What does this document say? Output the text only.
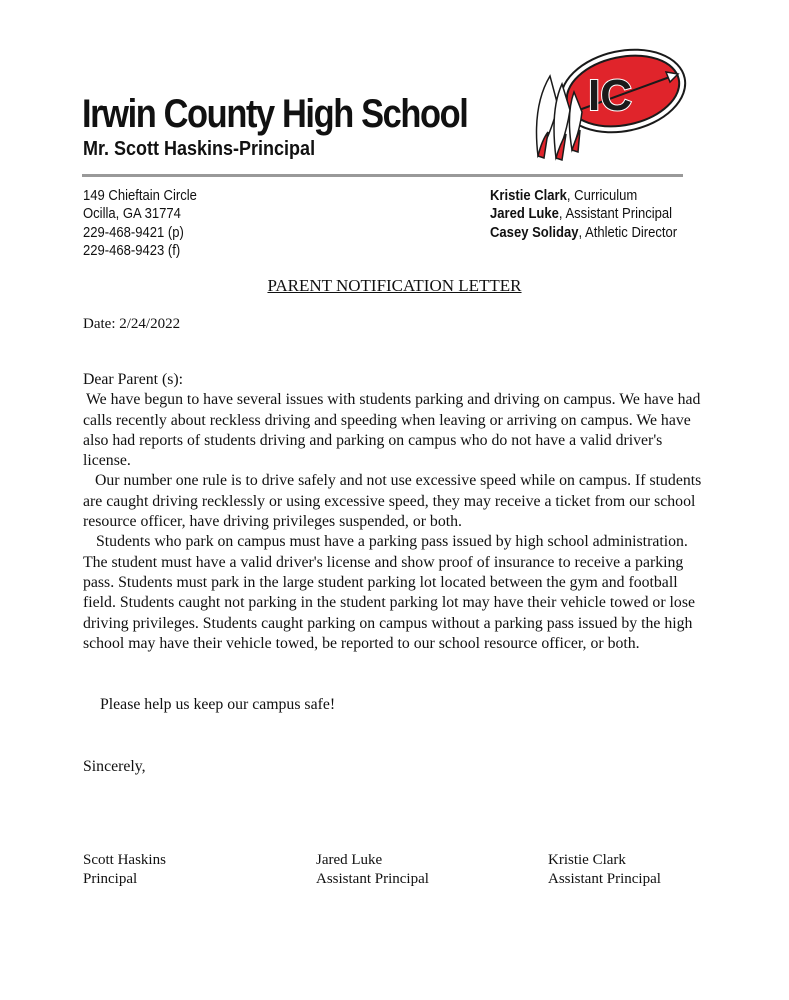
Irwin County High School
Mr. Scott Haskins-Principal
IC
149 Chieftain Circle
Ocilla, GA 31774
229-468-9421 (p)
229-468-9423 (f)
Kristie Clark, Curriculum
Jared Luke, Assistant Principal
Casey Soliday, Athletic Director
PARENT NOTIFICATION LETTER
Date: 2/24/2022

Dear Parent (s):

We have begun to have several issues with students parking and driving on campus. We have had calls recently about reckless driving and speeding when leaving or arriving on campus. We have also had reports of students driving and parking on campus who do not have a valid driver's license.

Our number one rule is to drive safely and not use excessive speed while on campus. If students are caught driving recklessly or using excessive speed, they may receive a ticket from our school resource officer, have driving privileges suspended, or both.

Students who park on campus must have a parking pass issued by high school administration. The student must have a valid driver's license and show proof of insurance to receive a parking pass. Students must park in the large student parking lot located between the gym and football field. Students caught not parking in the student parking lot may have their vehicle towed or lose driving privileges. Students caught parking on campus without a parking pass issued by the high school may have their vehicle towed, be reported to our school resource officer, or both.

Please help us keep our campus safe!
Sincerely,
Scott Haskins
Principal
Jared Luke
Assistant Principal
Kristie Clark
Assistant Principal
